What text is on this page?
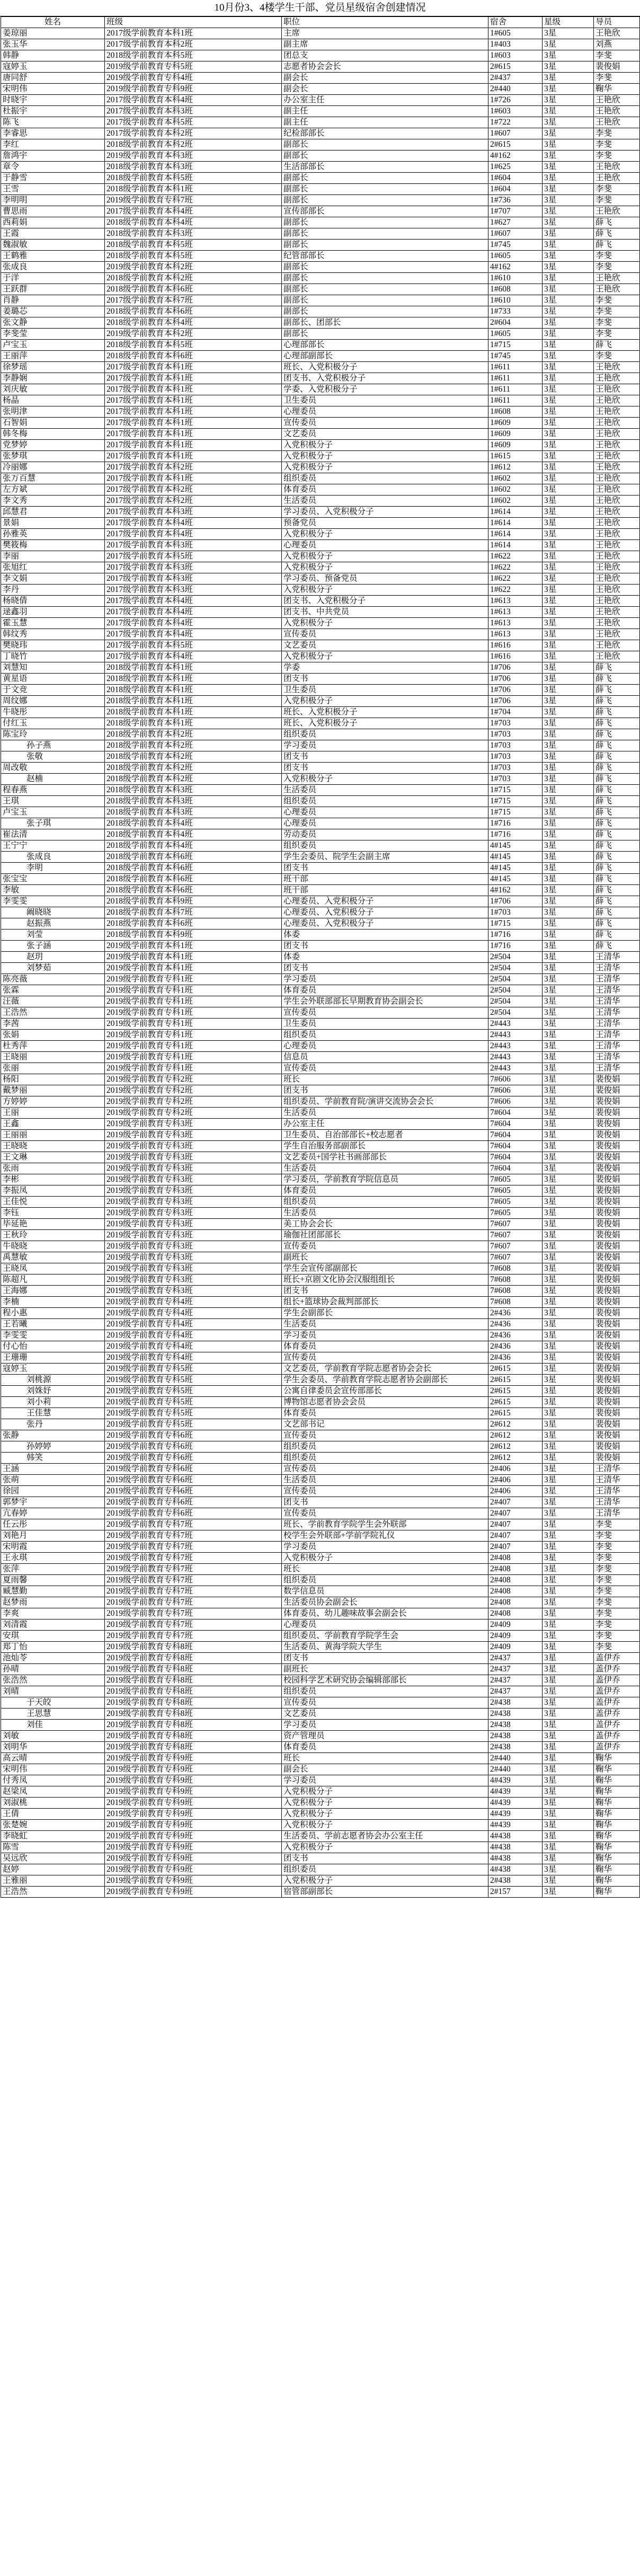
10月份3、4楼学生干部、党员星级宿舍创建情况
姓名	班级	职位	宿舍	星级	导员
姜琼丽	2017级学前教育本科1班	主席	1#605	3星	王艳欣
张玉华	2017级学前教育本科2班	副主席	1#403	3星	刘燕
韩静	2018级学前教育本科5班	团总支	1#603	3星	李斐
寇婷玉	2019级学前教育专科5班	志愿者协会会长	2#615	3星	裴俊娟
唐同舒	2019级学前教育专科4班	副会长	2#437	3星	李斐
宋明伟	2019级学前教育专科9班	副会长	2#440	3星	鞠华
时晓宇	2017级学前教育本科4班	办公室主任	1#726	3星	王艳欣
杜振宇	2017级学前教育本科3班	副主任	1#603	3星	王艳欣
陈飞	2017级学前教育本科5班	副主任	1#722	3星	王艳欣
李睿思	2017级学前教育本科2班	纪检部部长	1#607	3星	李斐
李红	2018级学前教育本科2班	副部长	2#615	3星	李斐
詹鸿宇	2019级学前教育本科3班	副部长	4#162	3星	李斐
章令	2018级学前教育本科3班	生活部部长	1#625	3星	王艳欣
于静雪	2018级学前教育本科5班	副部长	1#604	3星	王艳欣
王雪	2018级学前教育本科1班	副部长	1#604	3星	李斐
李明明	2019级学前教育专科7班	副部长	1#736	3星	李斐
曹思雨	2017级学前教育本科4班	宣传部部长	1#707	3星	王艳欣
西莉娟	2018级学前教育本科4班	副部长	1#627	3星	薛飞
王霞	2018级学前教育本科3班	副部长	1#607	3星	薛飞
魏淑敏	2018级学前教育本科5班	副部长	1#745	3星	薛飞
王鹤雅	2018级学前教育本科5班	纪管部部长	1#605	3星	李斐
张成良	2019级学前教育本科2班	副部长	4#162	3星	李斐
于洋	2018级学前教育本科2班	副部长	1#610	3星	王艳欣
王跃群	2018级学前教育本科6班	副部长	1#608	3星	王艳欣
肖静	2017级学前教育本科7班	副部长	1#610	3星	李斐
姜璐芯	2018级学前教育本科6班	副部长	1#733	3星	李斐
张文静	2018级学前教育本科4班	副部长、团部长	2#604	3星	李斐
李斐莹	2019级学前教育本科2班	副部长	1#605	3星	李斐
卢宝玉	2018级学前教育本科5班	心理部部长	1#715	3星	薛飞
王丽萍	2018级学前教育本科6班	心理部副部长	1#745	3星	李斐
徐梦瑶	2017级学前教育本科1班	班长、入党积极分子	1#611	3星	王艳欣
李静娴	2017级学前教育本科1班	团支书、入党积极分子	1#611	3星	王艳欣
刘庆敏	2017级学前教育本科1班	学委、入党积极分子	1#611	3星	王艳欣
杨晶	2017级学前教育本科1班	卫生委员	1#611	3星	王艳欣
张明津	2017级学前教育本科1班	心理委员	1#608	3星	王艳欣
石智娟	2017级学前教育本科1班	宣传委员	1#609	3星	王艳欣
韩冬梅	2017级学前教育本科1班	文艺委员	1#609	3星	王艳欣
党梦婷	2017级学前教育本科1班	入党积极分子	1#609	3星	王艳欣
张梦琪	2017级学前教育本科1班	入党积极分子	1#615	3星	王艳欣
冷丽娜	2017级学前教育本科2班	入党积极分子	1#612	3星	王艳欣
张万百慧	2017级学前教育本科1班	组织委员	1#602	3星	王艳欣
左方斌	2017级学前教育本科2班	体育委员	1#602	3星	王艳欣
李文秀	2017级学前教育本科2班	生活委员	1#602	3星	王艳欣
邱慧君	2017级学前教育本科3班	学习委员、入党积极分子	1#614	3星	王艳欣
景娟	2017级学前教育本科4班	预备党员	1#614	3星	王艳欣
孙雅英	2017级学前教育本科4班	入党积极分子	1#614	3星	王艳欣
樊筱梅	2017级学前教育本科3班	心理委员	1#614	3星	王艳欣
李丽	2017级学前教育本科5班	入党积极分子	1#622	3星	王艳欣
张旭红	2017级学前教育本科3班	入党积极分子	1#622	3星	王艳欣
李文娟	2017级学前教育本科3班	学习委员、预备党员	1#622	3星	王艳欣
李丹	2017级学前教育本科3班	入党积极分子	1#622	3星	王艳欣
杨晓倩	2017级学前教育本科4班	团支书、入党积极分子	1#613	3星	王艳欣
逯鑫羽	2017级学前教育本科4班	团支书、中共党员	1#613	3星	王艳欣
霍玉慧	2017级学前教育本科4班	入党积极分子	1#613	3星	王艳欣
韩纹秀	2017级学前教育本科4班	宣传委员	1#613	3星	王艳欣
樊晓玮	2017级学前教育本科5班	文艺委员	1#616	3星	王艳欣
丁晓竹	2017级学前教育本科4班	入党积极分子	1#616	3星	王艳欣
刘慧知	2018级学前教育本科1班	学委	1#706	3星	薛飞
黄星语	2018级学前教育本科1班	团支书	1#706	3星	薛飞
于文竞	2018级学前教育本科1班	卫生委员	1#706	3星	薛飞
周纹娜	2018级学前教育本科1班	入党积极分子	1#706	3星	薛飞
牛晓彤	2018级学前教育本科1班	班长、入党积极分子	1#704	3星	薛飞
付红玉	2018级学前教育本科1班	班长、入党积极分子	1#703	3星	薛飞
陈宝玲	2018级学前教育本科2班	组织委员	1#703	3星	薛飞
孙子燕	2018级学前教育本科2班	学习委员	1#703	3星	薛飞
张敬	2018级学前教育本科2班	团支书	1#703	3星	薛飞
周改敬	2018级学前教育本科2班	团支书	1#703	3星	薛飞
赵楠	2018级学前教育本科2班	入党积极分子	1#703	3星	薛飞
程春燕	2018级学前教育本科3班	生活委员	1#715	3星	薛飞
王琪	2018级学前教育本科3班	组织委员	1#715	3星	薛飞
卢宝玉	2018级学前教育本科3班	心理委员	1#715	3星	薛飞
张子琪	2018级学前教育本科4班	心理委员	1#716	3星	薛飞
崔法清	2018级学前教育本科4班	劳动委员	1#716	3星	薛飞
王宁宁	2018级学前教育本科4班	组织委员	4#145	3星	薛飞
张成良	2018级学前教育本科6班	学生会委员、院学生会副主席	4#145	3星	薛飞
李明	2018级学前教育本科6班	团支书	4#145	3星	薛飞
张宝宝	2018级学前教育本科6班	班干部	4#145	3星	薛飞
李敏	2018级学前教育本科6班	班干部	4#162	3星	薛飞
李雯雯	2018级学前教育本科9班	心理委员、入党积极分子	1#706	3星	薛飞
阚晓晓	2018级学前教育本科7班	心理委员、入党积极分子	1#703	3星	薛飞
赵振燕	2018级学前教育本科6班	心理委员、入党积极分子	1#715	3星	薛飞
刘莹	2018级学前教育本科9班	体委	1#716	3星	薛飞
张子涵	2019级学前教育本科1班	团支书	1#716	3星	薛飞
赵玥	2019级学前教育本科1班	体委	2#504	3星	王清华
刘梦茹	2019级学前教育本科1班	团支书	2#504	3星	王清华
陈亮薇	2019级学前教育专科1班	学习委员	2#504	3星	王清华
张霖	2019级学前教育专科1班	体育委员	2#504	3星	王清华
汪薇	2019级学前教育专科1班	学生会外联部部长早期教育协会副会长	2#504	3星	王清华
王浩然	2019级学前教育专科1班	宣传委员	2#504	3星	王清华
李茜	2019级学前教育专科1班	卫生委员	2#443	3星	王清华
张娟	2019级学前教育专科1班	组织委员	2#443	3星	王清华
杜秀萍	2019级学前教育专科1班	心理委员	2#443	3星	王清华
王晓丽	2019级学前教育专科1班	信息员	2#443	3星	王清华
张丽	2019级学前教育专科1班	宣传委员	2#443	3星	王清华
杨阳	2019级学前教育专科2班	班长	7#606	3星	裴俊娟
戴梦丽	2019级学前教育专科2班	团支书	7#606	3星	裴俊娟
方婷婷	2019级学前教育专科2班	组织委员、学前教育院/演讲交流协会会长	7#606	3星	裴俊娟
王丽	2019级学前教育专科2班	生活委员	7#604	3星	裴俊娟
王鑫	2019级学前教育专科3班	办公室主任	7#604	3星	裴俊娟
王丽丽	2019级学前教育专科3班	卫生委员、自治部部长+校志愿者	7#604	3星	裴俊娟
王晓晓	2019级学前教育专科3班	学生自治服务部副部长	7#604	3星	裴俊娟
王文琳	2019级学前教育专科3班	文艺委员+国学社书画部部长	7#604	3星	裴俊娟
张雨	2019级学前教育专科3班	生活委员	7#604	3星	裴俊娟
李彬	2019级学前教育专科3班	学习委员，学前教育学院信息员	7#605	3星	裴俊娟
李振凤	2019级学前教育专科3班	体育委员	7#605	3星	裴俊娟
王佳悦	2019级学前教育专科3班	组织委员	7#605	3星	裴俊娟
李钰	2019级学前教育专科3班	生活委员	7#605	3星	裴俊娟
毕延艳	2019级学前教育专科3班	美工协会会长	7#607	3星	裴俊娟
王秋玲	2019级学前教育专科3班	瑜伽社团部部长	7#607	3星	裴俊娟
牛晓晓	2019级学前教育专科3班	宣传委员	7#607	3星	裴俊娟
禹慧敏	2019级学前教育专科3班	副班长	7#607	3星	裴俊娟
王晓凤	2019级学前教育专科3班	学生会宣传部副部长	7#608	3星	裴俊娟
陈超凡	2019级学前教育专科3班	班长+京剧文化协会汉服组组长	7#608	3星	裴俊娟
王海娜	2019级学前教育专科3班	团支书	7#608	3星	裴俊娟
李楠	2019级学前教育专科4班	组长+篮球协会裁判部部长	7#608	3星	裴俊娟
程小惠	2019级学前教育专科4班	学生会副部长	2#436	3星	裴俊娟
王若曦	2019级学前教育专科4班	生活委员	2#436	3星	裴俊娟
李雯雯	2019级学前教育专科4班	学习委员	2#436	3星	裴俊娟
付心怡	2019级学前教育专科4班	体育委员	2#436	3星	裴俊娟
王珊珊	2019级学前教育专科4班	宣传委员	2#436	3星	裴俊娟
寇婷玉	2019级学前教育专科5班	文艺委员，学前教育学院志愿者协会会长	2#615	3星	裴俊娟
刘桃源	2019级学前教育专科5班	学生会委员、学前教育学院志愿者协会副部长	2#615	3星	裴俊娟
刘姝妤	2019级学前教育专科5班	公寓自律委员会宣传部部长	2#615	3星	裴俊娟
刘小莉	2019级学前教育专科5班	博物馆志愿者协会会员	2#615	3星	裴俊娟
王佳慧	2019级学前教育专科5班	体育委员	2#615	3星	裴俊娟
张丹	2019级学前教育专科5班	文艺部书记	2#612	3星	裴俊娟
张静	2019级学前教育专科6班	宣传委员	2#612	3星	裴俊娟
孙婷婷	2019级学前教育专科6班	组织委员	2#612	3星	裴俊娟
韩笑	2019级学前教育专科6班	组织委员	2#612	3星	裴俊娟
王涵	2019级学前教育专科6班	宣传委员	2#406	3星	王清华
张萌	2019级学前教育专科6班	生活委员	2#406	3星	王清华
徐园	2019级学前教育专科6班	宣传委员	2#406	3星	王清华
郭梦宇	2019级学前教育专科6班	团支书	2#407	3星	王清华
亢春婷	2019级学前教育专科6班	宣传委员	2#407	3星	王清华
任云彤	2019级学前教育专科7班	班长、学前教育学院学生会外联部	2#407	3星	李斐
刘艳月	2019级学前教育专科7班	校学生会外联部+学前学院礼仪	2#407	3星	李斐
宋明霞	2019级学前教育专科7班	学习委员	2#407	3星	李斐
王永琪	2019级学前教育专科7班	入党积极分子	2#408	3星	李斐
张萍	2019级学前教育专科7班	班长	2#408	3星	李斐
夏雨馨	2019级学前教育专科7班	组织委员	2#408	3星	李斐
臧慧勤	2019级学前教育专科7班	数学信息员	2#408	3星	李斐
赵梦雨	2019级学前教育专科7班	生活委员协会副会长	2#408	3星	李斐
李爽	2019级学前教育专科7班	体育委员、幼儿趣味故事会副会长	2#408	3星	李斐
刘清霞	2019级学前教育专科7班	心理委员	2#409	3星	李斐
安琪	2019级学前教育专科7班	组织委员、学前教育学院学生会	2#409	3星	李斐
郑丁怡	2019级学前教育专科8班	生活委员、黄海学院大学生	2#409	3星	李斐
池灿苓	2019级学前教育专科8班	团支书	2#437	3星	盖伊乔
孙晴	2019级学前教育专科8班	副班长	2#437	3星	盖伊乔
张浩然	2019级学前教育专科8班	校园科学艺术研究协会编辑部部长	2#437	3星	盖伊乔
刘晴	2019级学前教育专科8班	组织委员	2#437	3星	盖伊乔
于天皎	2019级学前教育专科8班	宣传委员	2#438	3星	盖伊乔
王思慧	2019级学前教育专科8班	文艺委员	2#438	3星	盖伊乔
刘佳	2019级学前教育专科8班	学习委员	2#438	3星	盖伊乔
刘敏	2019级学前教育专科8班	资产管理员	2#438	3星	盖伊乔
刘明华	2019级学前教育专科8班	体育委员	2#438	3星	盖伊乔
高云晴	2019级学前教育专科9班	班长	2#440	3星	鞠华
宋明伟	2019级学前教育专科9班	副会长	2#440	3星	鞠华
付秀凤	2019级学前教育专科9班	学习委员	4#439	3星	鞠华
赵梁凤	2019级学前教育专科9班	入党积极分子	4#439	3星	鞠华
刘淑桃	2019级学前教育专科9班	入党积极分子	4#439	3星	鞠华
王倩	2019级学前教育专科9班	入党积极分子	4#439	3星	鞠华
张楚婉	2019级学前教育专科9班	入党积极分子	4#439	3星	鞠华
李晓虹	2019级学前教育专科9班	生活委员、学前志愿者协会办公室主任	4#438	3星	鞠华
陈雪	2019级学前教育专科9班	入党积极分子	4#438	3星	鞠华
吴远欣	2019级学前教育专科9班	团支书	4#438	3星	鞠华
赵婷	2019级学前教育专科9班	组织委员	4#438	3星	鞠华
王雅丽	2019级学前教育专科9班	入党积极分子	2#438	3星	鞠华
王浩然	2019级学前教育专科9班	宿管部副部长	2#157	3星	鞠华
